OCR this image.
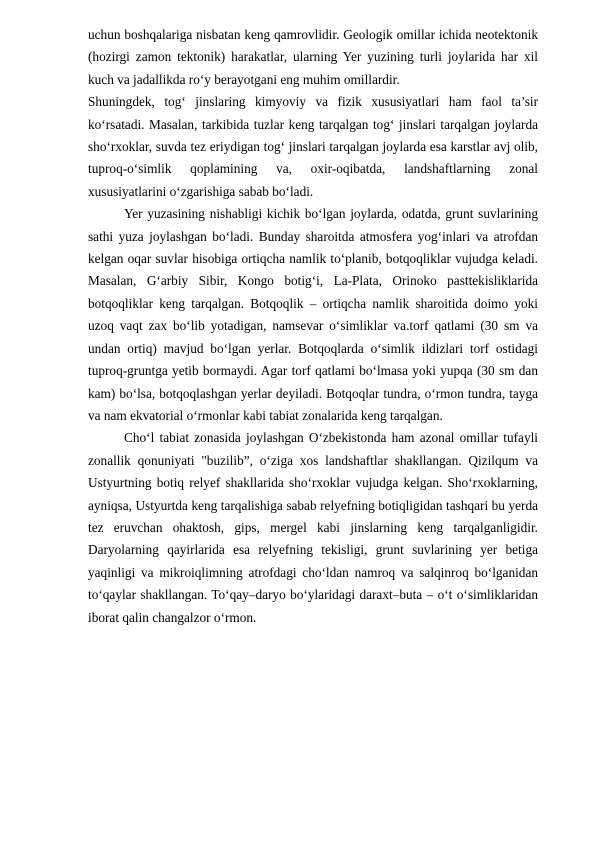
uchun boshqalariga nisbatan keng qamrovlidir. Geologik omillar ichida neotektonik (hozirgi zamon tektonik) harakatlar, ularning Yer yuzining turli joylarida har xil kuch va jadallikda ro‘y berayotgani eng muhim omillardir.

Shuningdek, tog‘ jinslaring kimyoviy va fizik xususiyatlari ham faol ta’sir ko‘rsatadi. Masalan, tarkibida tuzlar keng tarqalgan tog‘ jinslari tarqalgan joylarda sho‘rxoklar, suvda tez eriydigan tog‘ jinslari tarqalgan joylarda esa karstlar avj olib, tuproq-o‘simlik qoplamining va, oxir-oqibatda, landshaftlarning zonal xususiyatlarini o‘zgarishiga sabab bo‘ladi.

Yer yuzasining nishabligi kichik bo‘lgan joylarda, odatda, grunt suvlarining sathi yuza joylashgan bo‘ladi. Bunday sharoitda atmosfera yog‘inlari va atrofdan kelgan oqar suvlar hisobiga ortiqcha namlik to‘planib, botqoqliklar vujudga keladi. Masalan, G‘arbiy Sibir, Kongo botig‘i, La-Plata, Orinoko pasttekisliklarida botqoqliklar keng tarqalgan. Botqoqlik – ortiqcha namlik sharoitida doimo yoki uzoq vaqt zax bo‘lib yotadigan, namsevar o‘simliklar va.torf qatlami (30 sm va undan ortiq) mavjud bo‘lgan yerlar. Botqoqlarda o‘simlik ildizlari torf ostidagi tuproq-gruntga yetib bormaydi. Agar torf qatlami bo‘lmasa yoki yupqa (30 sm dan kam) bo‘lsa, botqoqlashgan yerlar deyiladi. Botqoqlar tundra, o‘rmon tundra, tayga va nam ekvatorial o‘rmonlar kabi tabiat zonalarida keng tarqalgan.

Cho‘l tabiat zonasida joylashgan O‘zbekistonda ham azonal omillar tufayli zonallik qonuniyati "buzilib”, o‘ziga xos landshaftlar shakllangan. Qizilqum va Ustyurtning botiq relyef shakllarida sho‘rxoklar vujudga kelgan. Sho‘rxoklarning, ayniqsa, Ustyurtda keng tarqalishiga sabab relyefning botiqligidan tashqari bu yerda tez eruvchan ohaktosh, gips, mergel kabi jinslarning keng tarqalganligidir. Daryolarning qayirlarida esa relyefning tekisligi, grunt suvlarining yer betiga yaqinligi va mikroiqlimning atrofdagi cho‘ldan namroq va salqinroq bo‘lganidan to‘qaylar shakllangan. To‘qay–daryo bo‘ylaridagi daraxt–buta – o‘t o‘simliklaridan iborat qalin changalzor o‘rmon.
